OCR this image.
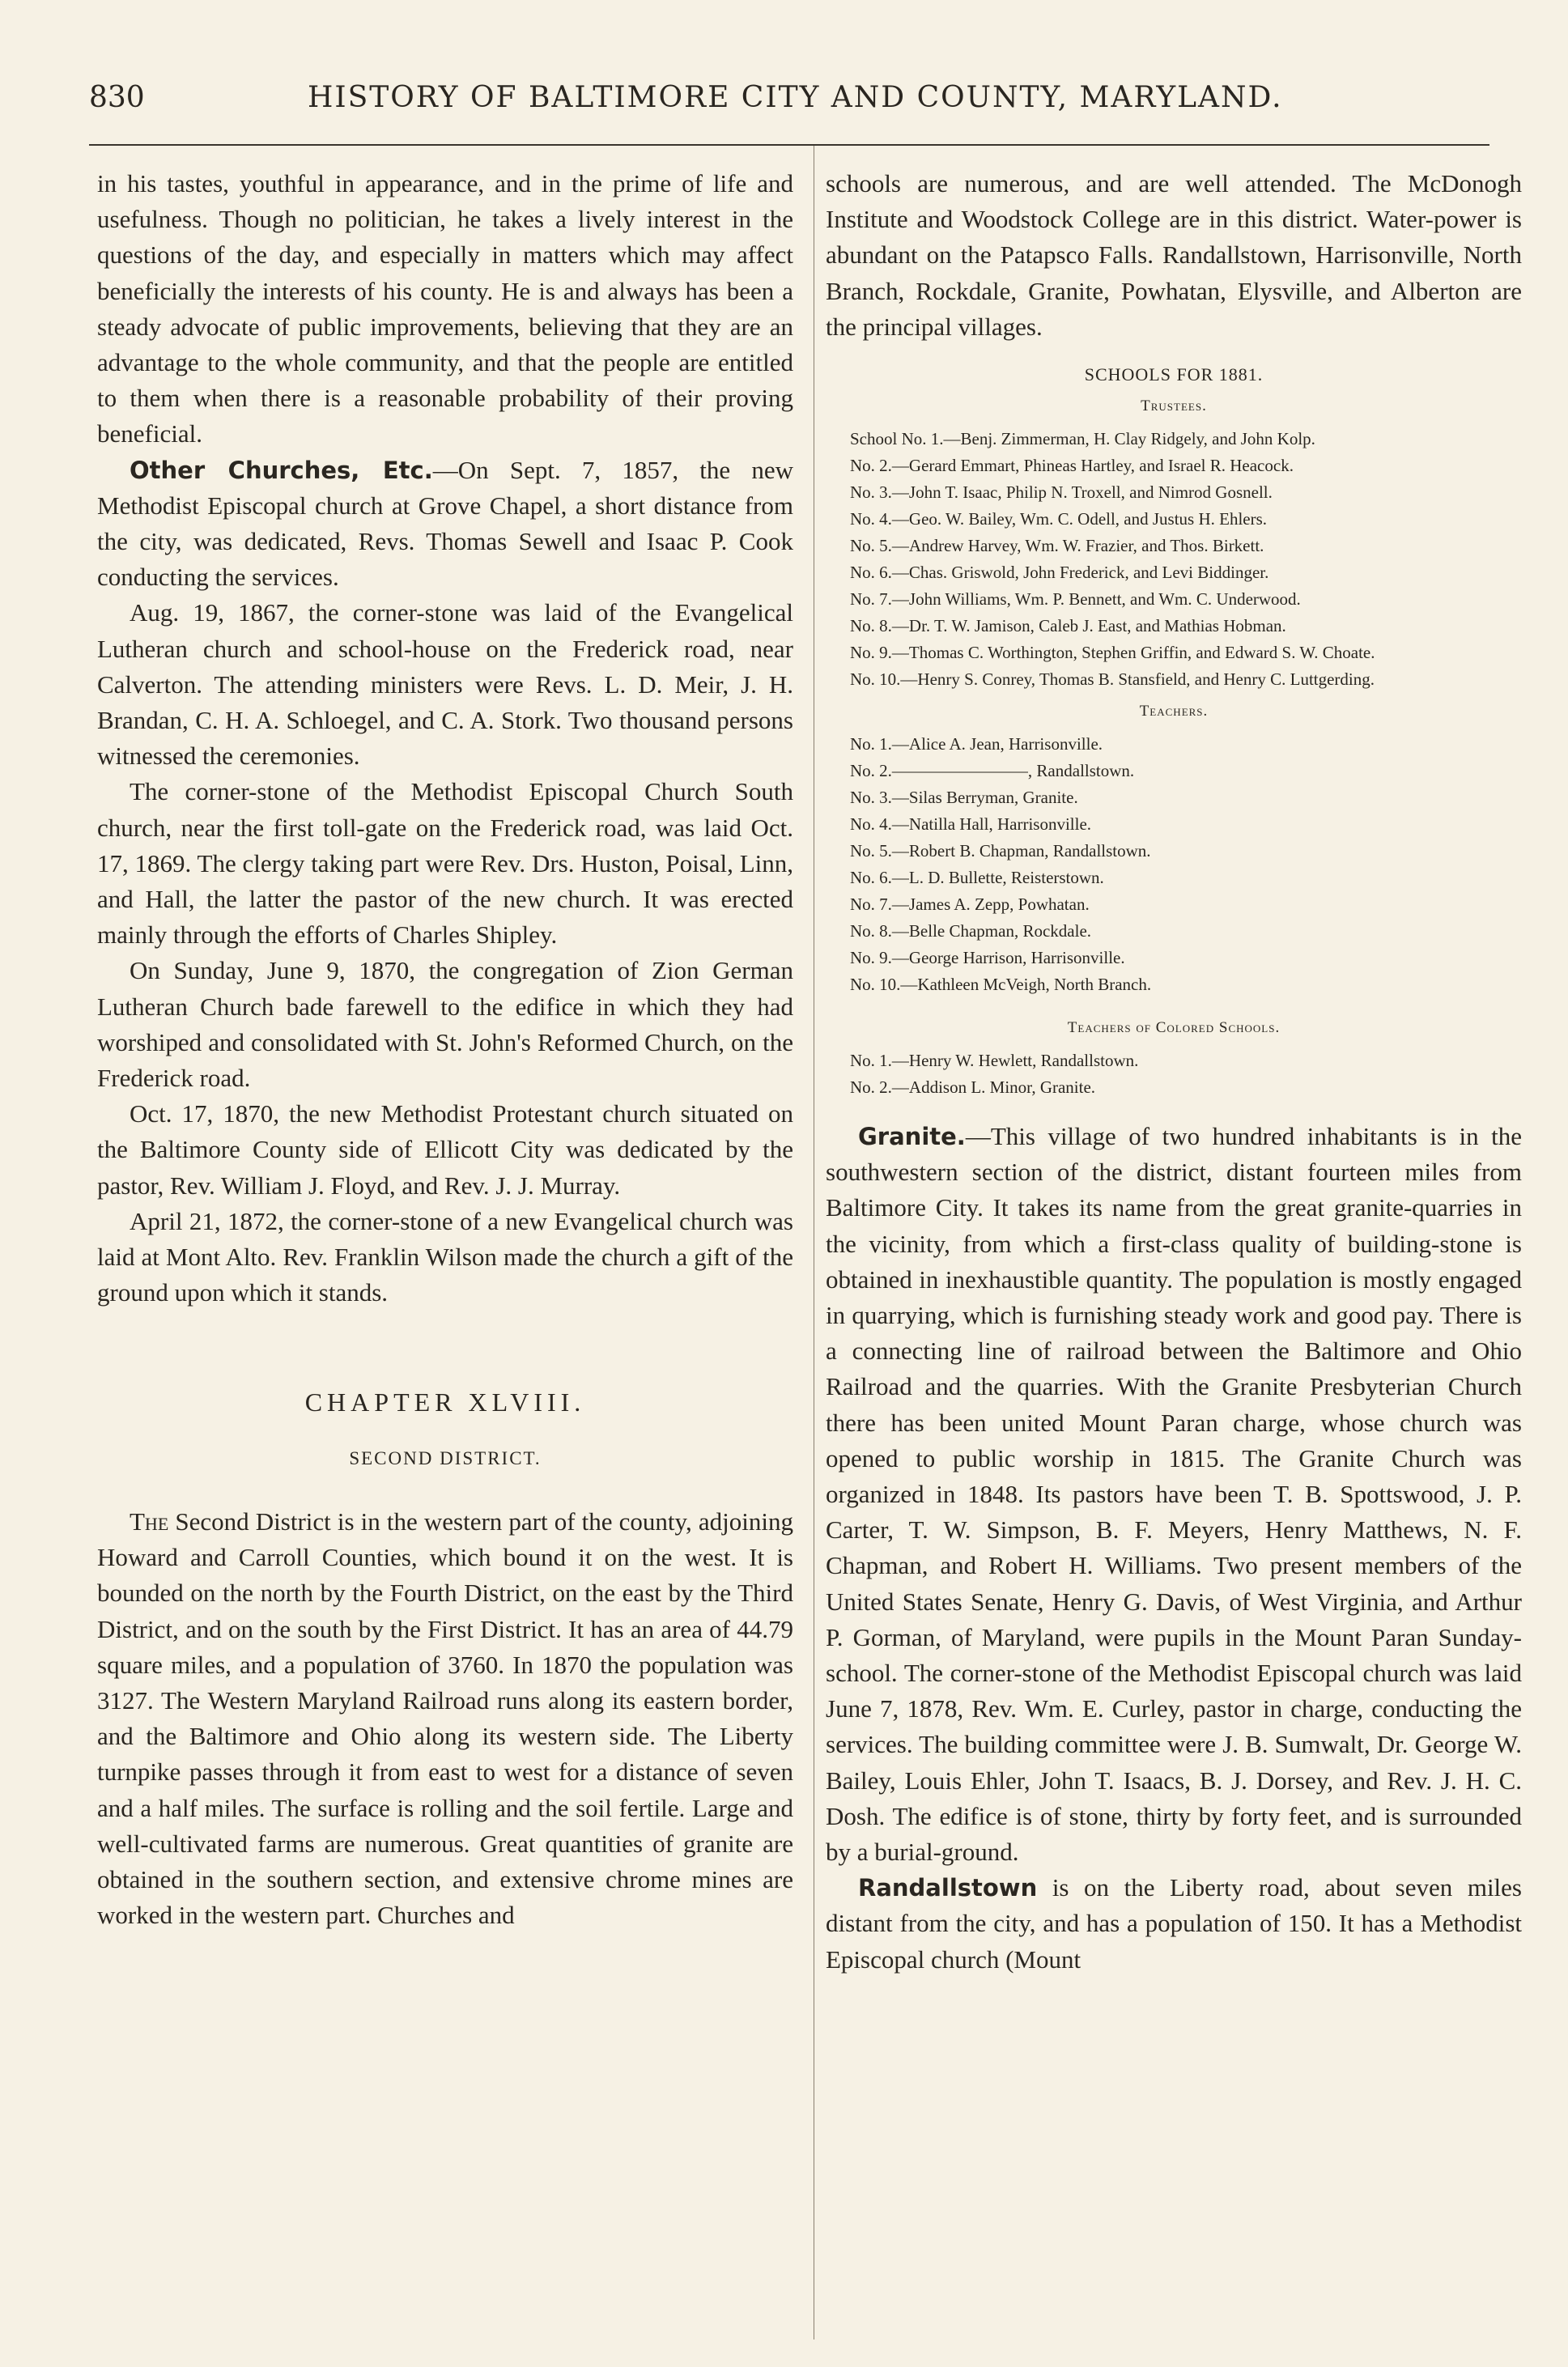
830	HISTORY OF BALTIMORE CITY AND COUNTY, MARYLAND.

in his tastes, youthful in appearance, and in the prime of life and usefulness. Though no politician, he takes a lively interest in the questions of the day, and especially in matters which may affect beneficially the interests of his county. He is and always has been a steady advocate of public improvements, believing that they are an advantage to the whole community, and that the people are entitled to them when there is a reasonable probability of their proving beneficial.

Other Churches, Etc.—On Sept. 7, 1857, the new Methodist Episcopal church at Grove Chapel, a short distance from the city, was dedicated, Revs. Thomas Sewell and Isaac P. Cook conducting the services.

Aug. 19, 1867, the corner-stone was laid of the Evangelical Lutheran church and school-house on the Frederick road, near Calverton. The attending ministers were Revs. L. D. Meir, J. H. Brandan, C. H. A. Schloegel, and C. A. Stork. Two thousand persons witnessed the ceremonies.

The corner-stone of the Methodist Episcopal Church South church, near the first toll-gate on the Frederick road, was laid Oct. 17, 1869. The clergy taking part were Rev. Drs. Huston, Poisal, Linn, and Hall, the latter the pastor of the new church. It was erected mainly through the efforts of Charles Shipley.

On Sunday, June 9, 1870, the congregation of Zion German Lutheran Church bade farewell to the edifice in which they had worshiped and consolidated with St. John's Reformed Church, on the Frederick road.

Oct. 17, 1870, the new Methodist Protestant church situated on the Baltimore County side of Ellicott City was dedicated by the pastor, Rev. William J. Floyd, and Rev. J. J. Murray.

April 21, 1872, the corner-stone of a new Evangelical church was laid at Mont Alto. Rev. Franklin Wilson made the church a gift of the ground upon which it stands.

CHAPTER XLVIII.
SECOND DISTRICT.

The Second District is in the western part of the county, adjoining Howard and Carroll Counties, which bound it on the west. It is bounded on the north by the Fourth District, on the east by the Third District, and on the south by the First District. It has an area of 44.79 square miles, and a population of 3760. In 1870 the population was 3127. The Western Maryland Railroad runs along its eastern border, and the Baltimore and Ohio along its western side. The Liberty turnpike passes through it from east to west for a distance of seven and a half miles. The surface is rolling and the soil fertile. Large and well-cultivated farms are numerous. Great quantities of granite are obtained in the southern section, and extensive chrome mines are worked in the western part. Churches and

schools are numerous, and are well attended. The McDonogh Institute and Woodstock College are in this district. Water-power is abundant on the Patapsco Falls. Randallstown, Harrisonville, North Branch, Rockdale, Granite, Powhatan, Elysville, and Alberton are the principal villages.

SCHOOLS FOR 1881.
Trustees.
School No. 1.—Benj. Zimmerman, H. Clay Ridgely, and John Kolp.
No. 2.—Gerard Emmart, Phineas Hartley, and Israel R. Heacock.
No. 3.—John T. Isaac, Philip N. Troxell, and Nimrod Gosnell.
No. 4.—Geo. W. Bailey, Wm. C. Odell, and Justus H. Ehlers.
No. 5.—Andrew Harvey, Wm. W. Frazier, and Thos. Birkett.
No. 6.—Chas. Griswold, John Frederick, and Levi Biddinger.
No. 7.—John Williams, Wm. P. Bennett, and Wm. C. Underwood.
No. 8.—Dr. T. W. Jamison, Caleb J. East, and Mathias Hobman.
No. 9.—Thomas C. Worthington, Stephen Griffin, and Edward S. W. Choate.
No. 10.—Henry S. Conrey, Thomas B. Stansfield, and Henry C. Luttgerding.
Teachers.
No. 1.—Alice A. Jean, Harrisonville.
No. 2.————————, Randallstown.
No. 3.—Silas Berryman, Granite.
No. 4.—Natilla Hall, Harrisonville.
No. 5.—Robert B. Chapman, Randallstown.
No. 6.—L. D. Bullette, Reisterstown.
No. 7.—James A. Zepp, Powhatan.
No. 8.—Belle Chapman, Rockdale.
No. 9.—George Harrison, Harrisonville.
No. 10.—Kathleen McVeigh, North Branch.
Teachers of Colored Schools.
No. 1.—Henry W. Hewlett, Randallstown.
No. 2.—Addison L. Minor, Granite.

Granite.—This village of two hundred inhabitants is in the southwestern section of the district, distant fourteen miles from Baltimore City. It takes its name from the great granite-quarries in the vicinity, from which a first-class quality of building-stone is obtained in inexhaustible quantity. The population is mostly engaged in quarrying, which is furnishing steady work and good pay. There is a connecting line of railroad between the Baltimore and Ohio Railroad and the quarries. With the Granite Presbyterian Church there has been united Mount Paran charge, whose church was opened to public worship in 1815. The Granite Church was organized in 1848. Its pastors have been T. B. Spottswood, J. P. Carter, T. W. Simpson, B. F. Meyers, Henry Matthews, N. F. Chapman, and Robert H. Williams. Two present members of the United States Senate, Henry G. Davis, of West Virginia, and Arthur P. Gorman, of Maryland, were pupils in the Mount Paran Sunday-school. The corner-stone of the Methodist Episcopal church was laid June 7, 1878, Rev. Wm. E. Curley, pastor in charge, conducting the services. The building committee were J. B. Sumwalt, Dr. George W. Bailey, Louis Ehler, John T. Isaacs, B. J. Dorsey, and Rev. J. H. C. Dosh. The edifice is of stone, thirty by forty feet, and is surrounded by a burial-ground.

Randallstown is on the Liberty road, about seven miles distant from the city, and has a population of 150. It has a Methodist Episcopal church (Mount
